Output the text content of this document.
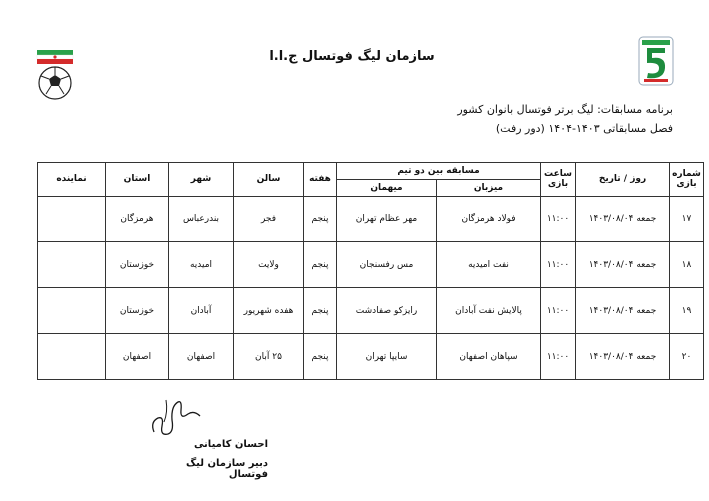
سازمان لیگ فوتسال ج.ا.ا
برنامه مسابقات: لیگ برتر فوتسال بانوان کشور
فصل مسابقاتی ۱۴۰۳-۱۴۰۴ (دور رفت)
شماره بازی	روز / تاریخ	ساعت بازی	مسابقه بین دو تیم		هفته	سالن	شهر	استان	نماینده
			میزبان	میهمان					
۱۷	جمعه ۱۴۰۳/۰۸/۰۴	۱۱:۰۰	فولاد هرمزگان	مهر عظام تهران	پنجم	فجر	بندرعباس	هرمزگان	
۱۸	جمعه ۱۴۰۳/۰۸/۰۴	۱۱:۰۰	نفت امیدیه	مس رفسنجان	پنجم	ولایت	امیدیه	خوزستان	
۱۹	جمعه ۱۴۰۳/۰۸/۰۴	۱۱:۰۰	پالایش نفت آبادان	رایزکو صفادشت	پنجم	هفده شهریور	آبادان	خوزستان	
۲۰	جمعه ۱۴۰۳/۰۸/۰۴	۱۱:۰۰	سپاهان اصفهان	سایپا تهران	پنجم	۲۵ آبان	اصفهان	اصفهان	
احسان کامیانی
دبیر سازمان لیگ فوتسال
